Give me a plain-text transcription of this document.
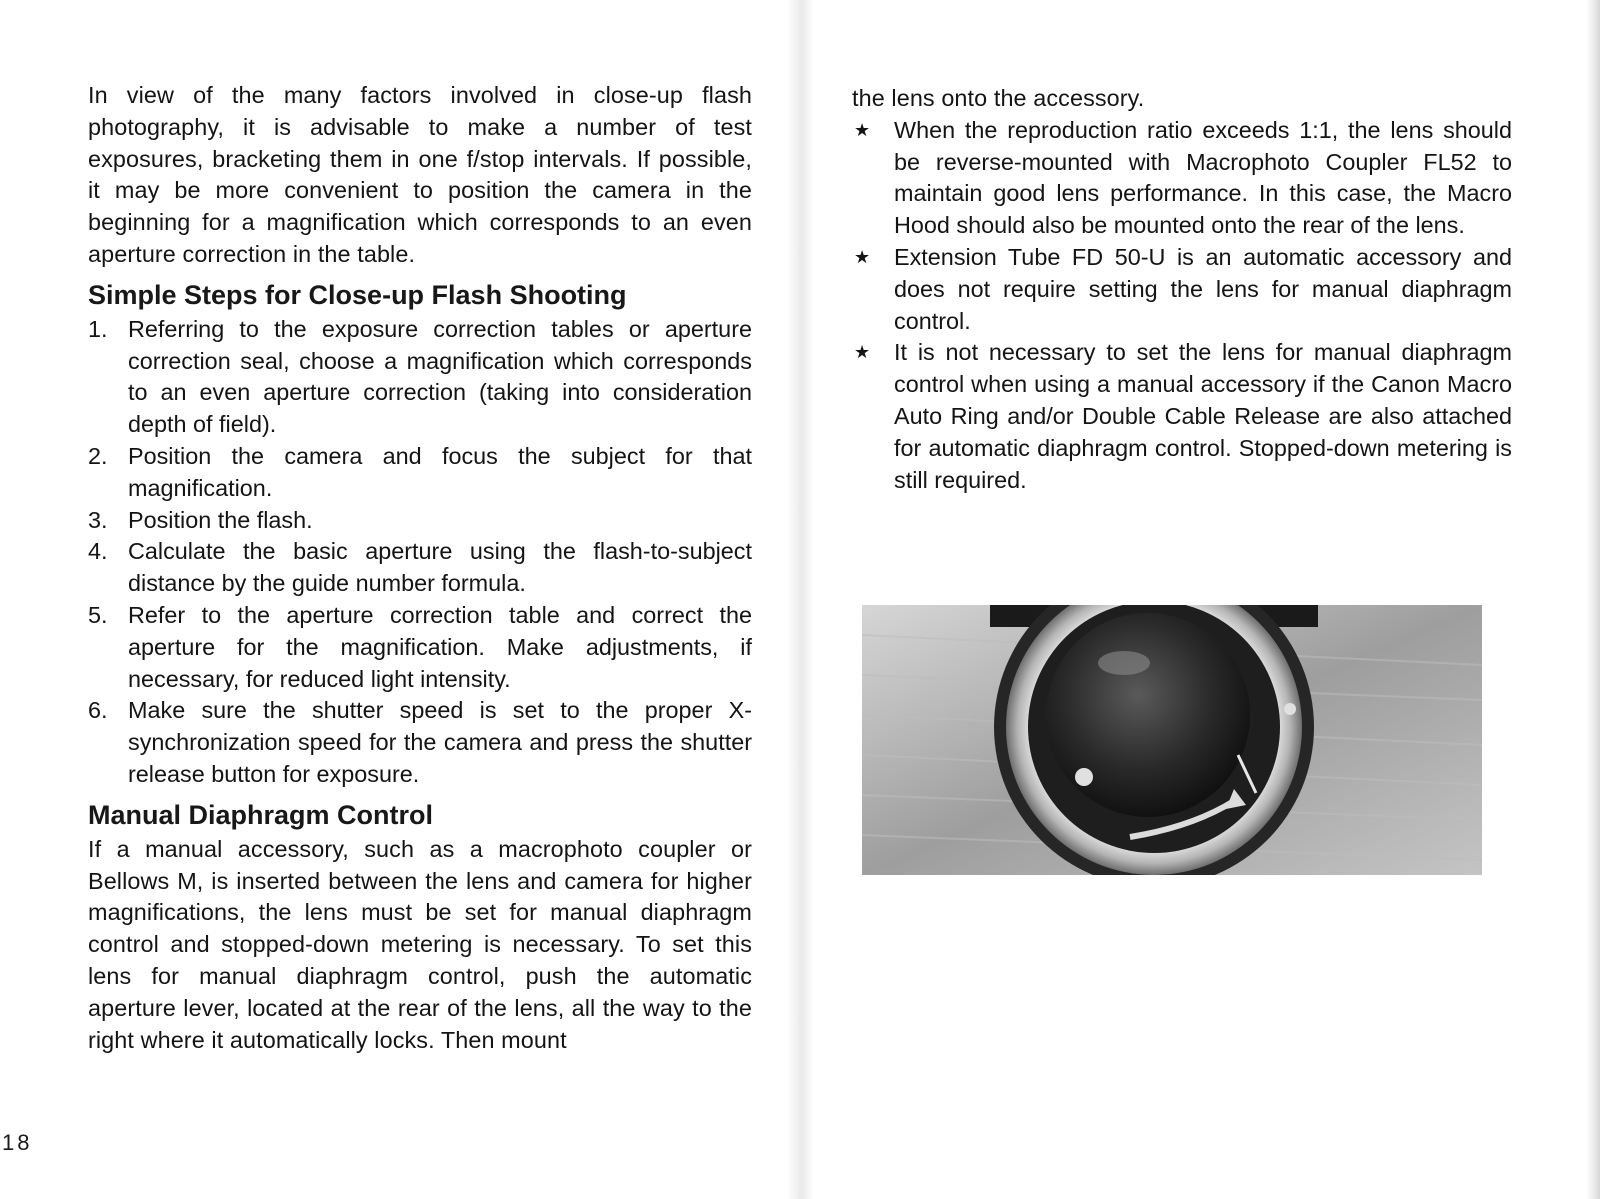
In view of the many factors involved in close-up flash photography, it is advisable to make a number of test exposures, bracketing them in one f/stop intervals. If possible, it may be more convenient to position the camera in the beginning for a magnification which corresponds to an even aperture correction in the table.

Simple Steps for Close-up Flash Shooting
1. Referring to the exposure correction tables or aperture correction seal, choose a magnification which corresponds to an even aperture correction (taking into consideration depth of field).
2. Position the camera and focus the subject for that magnification.
3. Position the flash.
4. Calculate the basic aperture using the flash-to-subject distance by the guide number formula.
5. Refer to the aperture correction table and correct the aperture for the magnification. Make adjustments, if necessary, for reduced light intensity.
6. Make sure the shutter speed is set to the proper X-synchronization speed for the camera and press the shutter release button for exposure.
Manual Diaphragm Control

If a manual accessory, such as a macrophoto coupler or Bellows M, is inserted between the lens and camera for higher magnifications, the lens must be set for manual diaphragm control and stopped-down metering is necessary. To set this lens for manual diaphragm control, push the automatic aperture lever, located at the rear of the lens, all the way to the right where it automatically locks. Then mount

18

the lens onto the accessory.

★	When the reproduction ratio exceeds 1:1, the lens should be reverse-mounted with Macrophoto Coupler FL52 to maintain good lens performance. In this case, the Macro Hood should also be mounted onto the rear of the lens.
★	Extension Tube FD 50-U is an automatic accessory and does not require setting the lens for manual diaphragm control.
★	It is not necessary to set the lens for manual diaphragm control when using a manual accessory if the Canon Macro Auto Ring and/or Double Cable Release are also attached for automatic diaphragm control. Stopped-down metering is still required.
